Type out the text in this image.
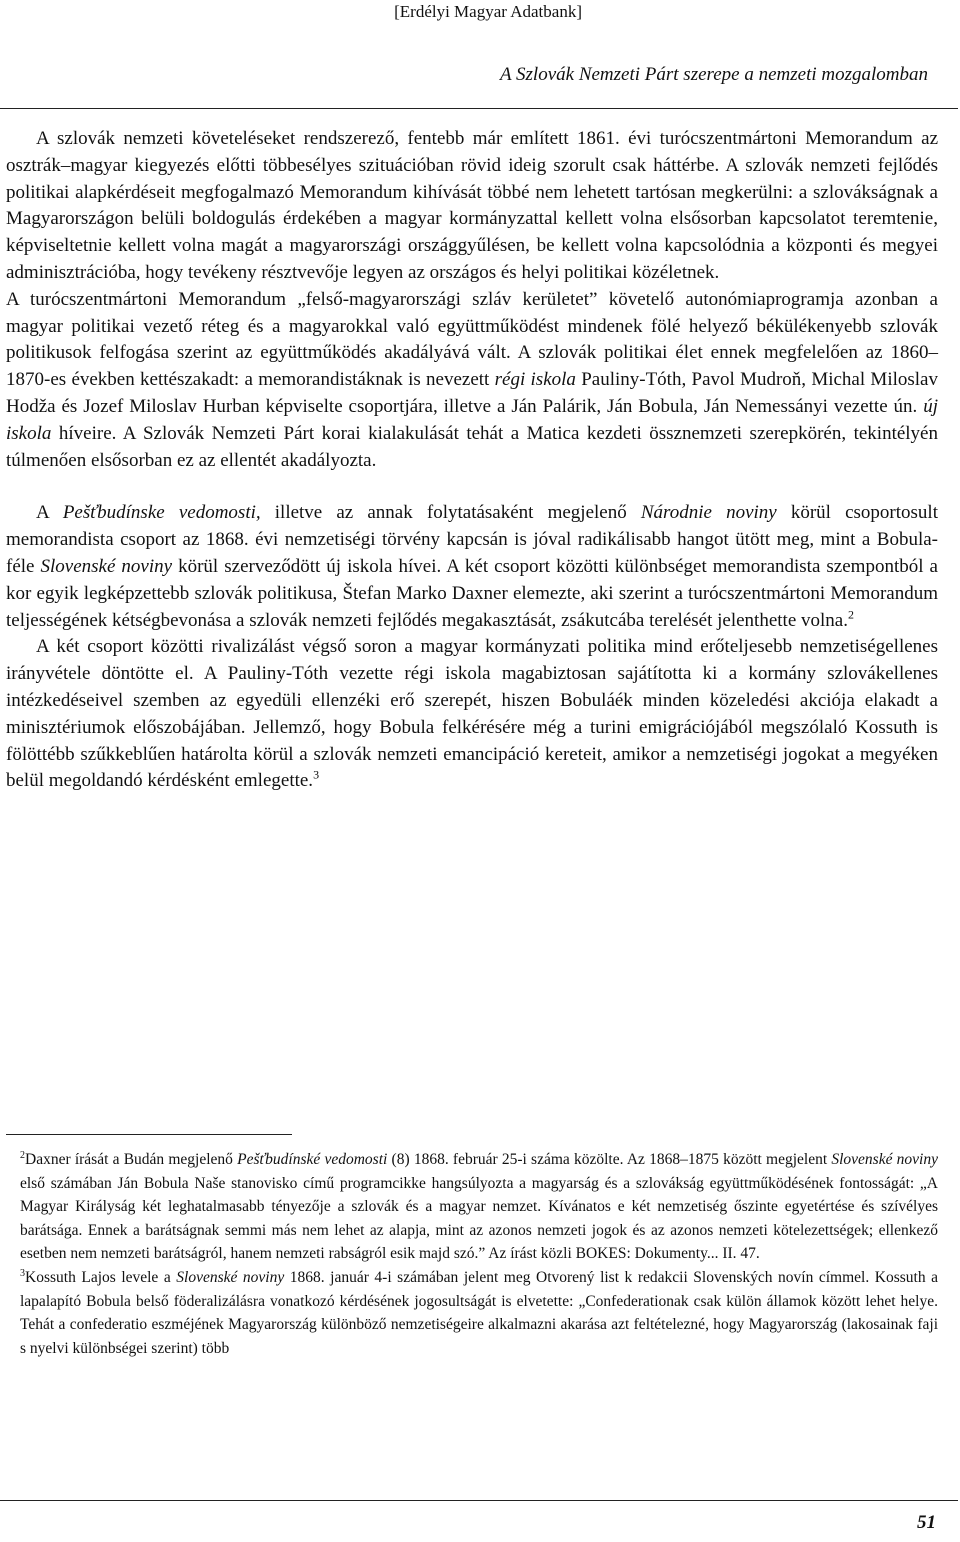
[Erdélyi Magyar Adatbank]
A Szlovák Nemzeti Párt szerepe a nemzeti mozgalomban

A szlovák nemzeti követeléseket rendszerező, fentebb már említett 1861. évi turócszentmártoni Memorandum az osztrák–magyar kiegyezés előtti többesélyes szituációban rövid ideig szorult csak háttérbe. A szlovák nemzeti fejlődés politikai alapkérdéseit megfogalmazó Memorandum kihívását többé nem lehetett tartósan megkerülni: a szlovákságnak a Magyarországon belüli boldogulás érdekében a magyar kormányzattal kellett volna elsősorban kapcsolatot teremtenie, képviseltetnie kellett volna magát a magyarországi országgyűlésen, be kellett volna kapcsolódnia a központi és megyei adminisztrációba, hogy tevékeny résztvevője legyen az országos és helyi politikai közéletnek.

A turócszentmártoni Memorandum „felső-magyarországi szláv kerületet” követelő autonómiaprogramja azonban a magyar politikai vezető réteg és a magyarokkal való együttműködést mindenek fölé helyező békülékenyebb szlovák politikusok felfogása szerint az együttműködés akadályává vált. A szlovák politikai élet ennek megfelelően az 1860–1870-es években kettészakadt: a memorandistáknak is nevezett régi iskola Pauliny-Tóth, Pavol Mudroň, Michal Miloslav Hodža és Jozef Miloslav Hurban képviselte csoportjára, illetve a Ján Palárik, Ján Bobula, Ján Nemessányi vezette ún. új iskola híveire. A Szlovák Nemzeti Párt korai kialakulását tehát a Matica kezdeti össznemzeti szerepkörén, tekintélyén túlmenően elsősorban ez az ellentét akadályozta.

A Pešťbudínske vedomosti, illetve az annak folytatásaként megjelenő Národnie noviny körül csoportosult memorandista csoport az 1868. évi nemzetiségi törvény kapcsán is jóval radikálisabb hangot ütött meg, mint a Bobula-féle Slovenské noviny körül szerveződött új iskola hívei. A két csoport közötti különbséget memorandista szempontból a kor egyik legképzettebb szlovák politikusa, Štefan Marko Daxner elemezte, aki szerint a turócszentmártoni Memorandum teljességének kétségbevonása a szlovák nemzeti fejlődés megakasztását, zsákutcába terelését jelenthette volna.$^2$

A két csoport közötti rivalizálást végső soron a magyar kormányzati politika mind erőteljesebb nemzetiségellenes irányvétele döntötte el. A Pauliny-Tóth vezette régi iskola magabiztosan sajátította ki a kormány szlovákellenes intézkedéseivel szemben az egyedüli ellenzéki erő szerepét, hiszen Bobuláék minden közeledési akciója elakadt a minisztériumok előszobájában. Jellemző, hogy Bobula felkérésére még a turini emigrációjából megszólaló Kossuth is fölöttébb szűkkeblűen határolta körül a szlovák nemzeti emancipáció kereteit, amikor a nemzetiségi jogokat a megyéken belül megoldandó kérdésként emlegette.$^3$

$^2$Daxner írását a Budán megjelenő Pešťbudínské vedomosti (8) 1868. február 25-i száma közölte. Az 1868–1875 között megjelent Slovenské noviny első számában Ján Bobula Naše stanovisko című programcikke hangsúlyozta a magyarság és a szlovákság együttműködésének fontosságát: „A Magyar Királyság két leghatalmasabb tényezője a szlovák és a magyar nemzet. Kívánatos e két nemzetiség őszinte egyetértése és szívélyes barátsága. Ennek a barátságnak semmi más nem lehet az alapja, mint az azonos nemzeti jogok és az azonos nemzeti kötelezettségek; ellenkező esetben nem nemzeti barátságról, hanem nemzeti rabságról esik majd szó.” Az írást közli BOKES: Dokumenty... II. 47.

$^3$Kossuth Lajos levele a Slovenské noviny 1868. január 4-i számában jelent meg Otvorený list k redakcii Slovenských novín címmel. Kossuth a lapalapító Bobula belső föderalizálásra vonatkozó kérdésének jogosultságát is elvetette: „Confederationak csak külön államok között lehet helye. Tehát a confederatio eszméjének Magyarország különböző nemzetiségeire alkalmazni akarása azt feltételezné, hogy Magyarország (lakosainak faji s nyelvi különbségei szerint) több

51
